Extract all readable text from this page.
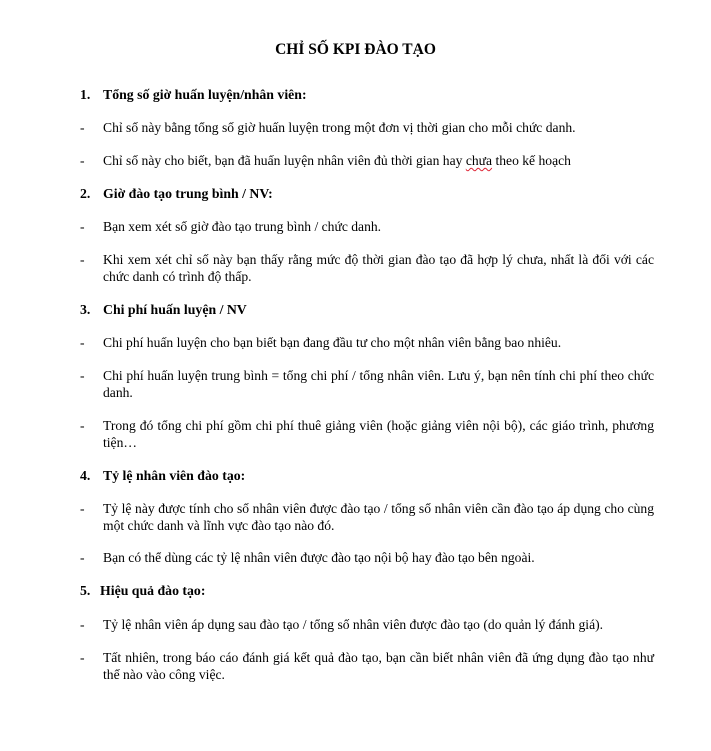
CHỈ SỐ KPI ĐÀO TẠO
1. Tổng số giờ huấn luyện/nhân viên:
- Chỉ số này bằng tổng số giờ huấn luyện trong một đơn vị thời gian cho mỗi chức danh.
- Chỉ số này cho biết, bạn đã huấn luyện nhân viên đủ thời gian hay chưa theo kế hoạch
2. Giờ đào tạo trung bình / NV:
- Bạn xem xét số giờ đào tạo trung bình / chức danh.
- Khi xem xét chỉ số này bạn thấy rằng mức độ thời gian đào tạo đã hợp lý chưa, nhất là đối với các chức danh có trình độ thấp.
3. Chi phí huấn luyện / NV
- Chi phí huấn luyện cho bạn biết bạn đang đầu tư cho một nhân viên bằng bao nhiêu.
- Chi phí huấn luyện trung bình = tổng chi phí / tổng nhân viên. Lưu ý, bạn nên tính chi phí theo chức danh.
- Trong đó tổng chi phí gồm chi phí thuê giảng viên (hoặc giảng viên nội bộ), các giáo trình, phương tiện…
4. Tỷ lệ nhân viên đào tạo:
- Tỷ lệ này được tính cho số nhân viên được đào tạo / tổng số nhân viên cần đào tạo áp dụng cho cùng một chức danh và lĩnh vực đào tạo nào đó.
- Bạn có thể dùng các tỷ lệ nhân viên được đào tạo nội bộ hay đào tạo bên ngoài.
5. Hiệu quả đào tạo:
- Tỷ lệ nhân viên áp dụng sau đào tạo / tổng số nhân viên được đào tạo (do quản lý đánh giá).
- Tất nhiên, trong báo cáo đánh giá kết quả đào tạo, bạn cần biết nhân viên đã ứng dụng đào tạo như thế nào vào công việc.
